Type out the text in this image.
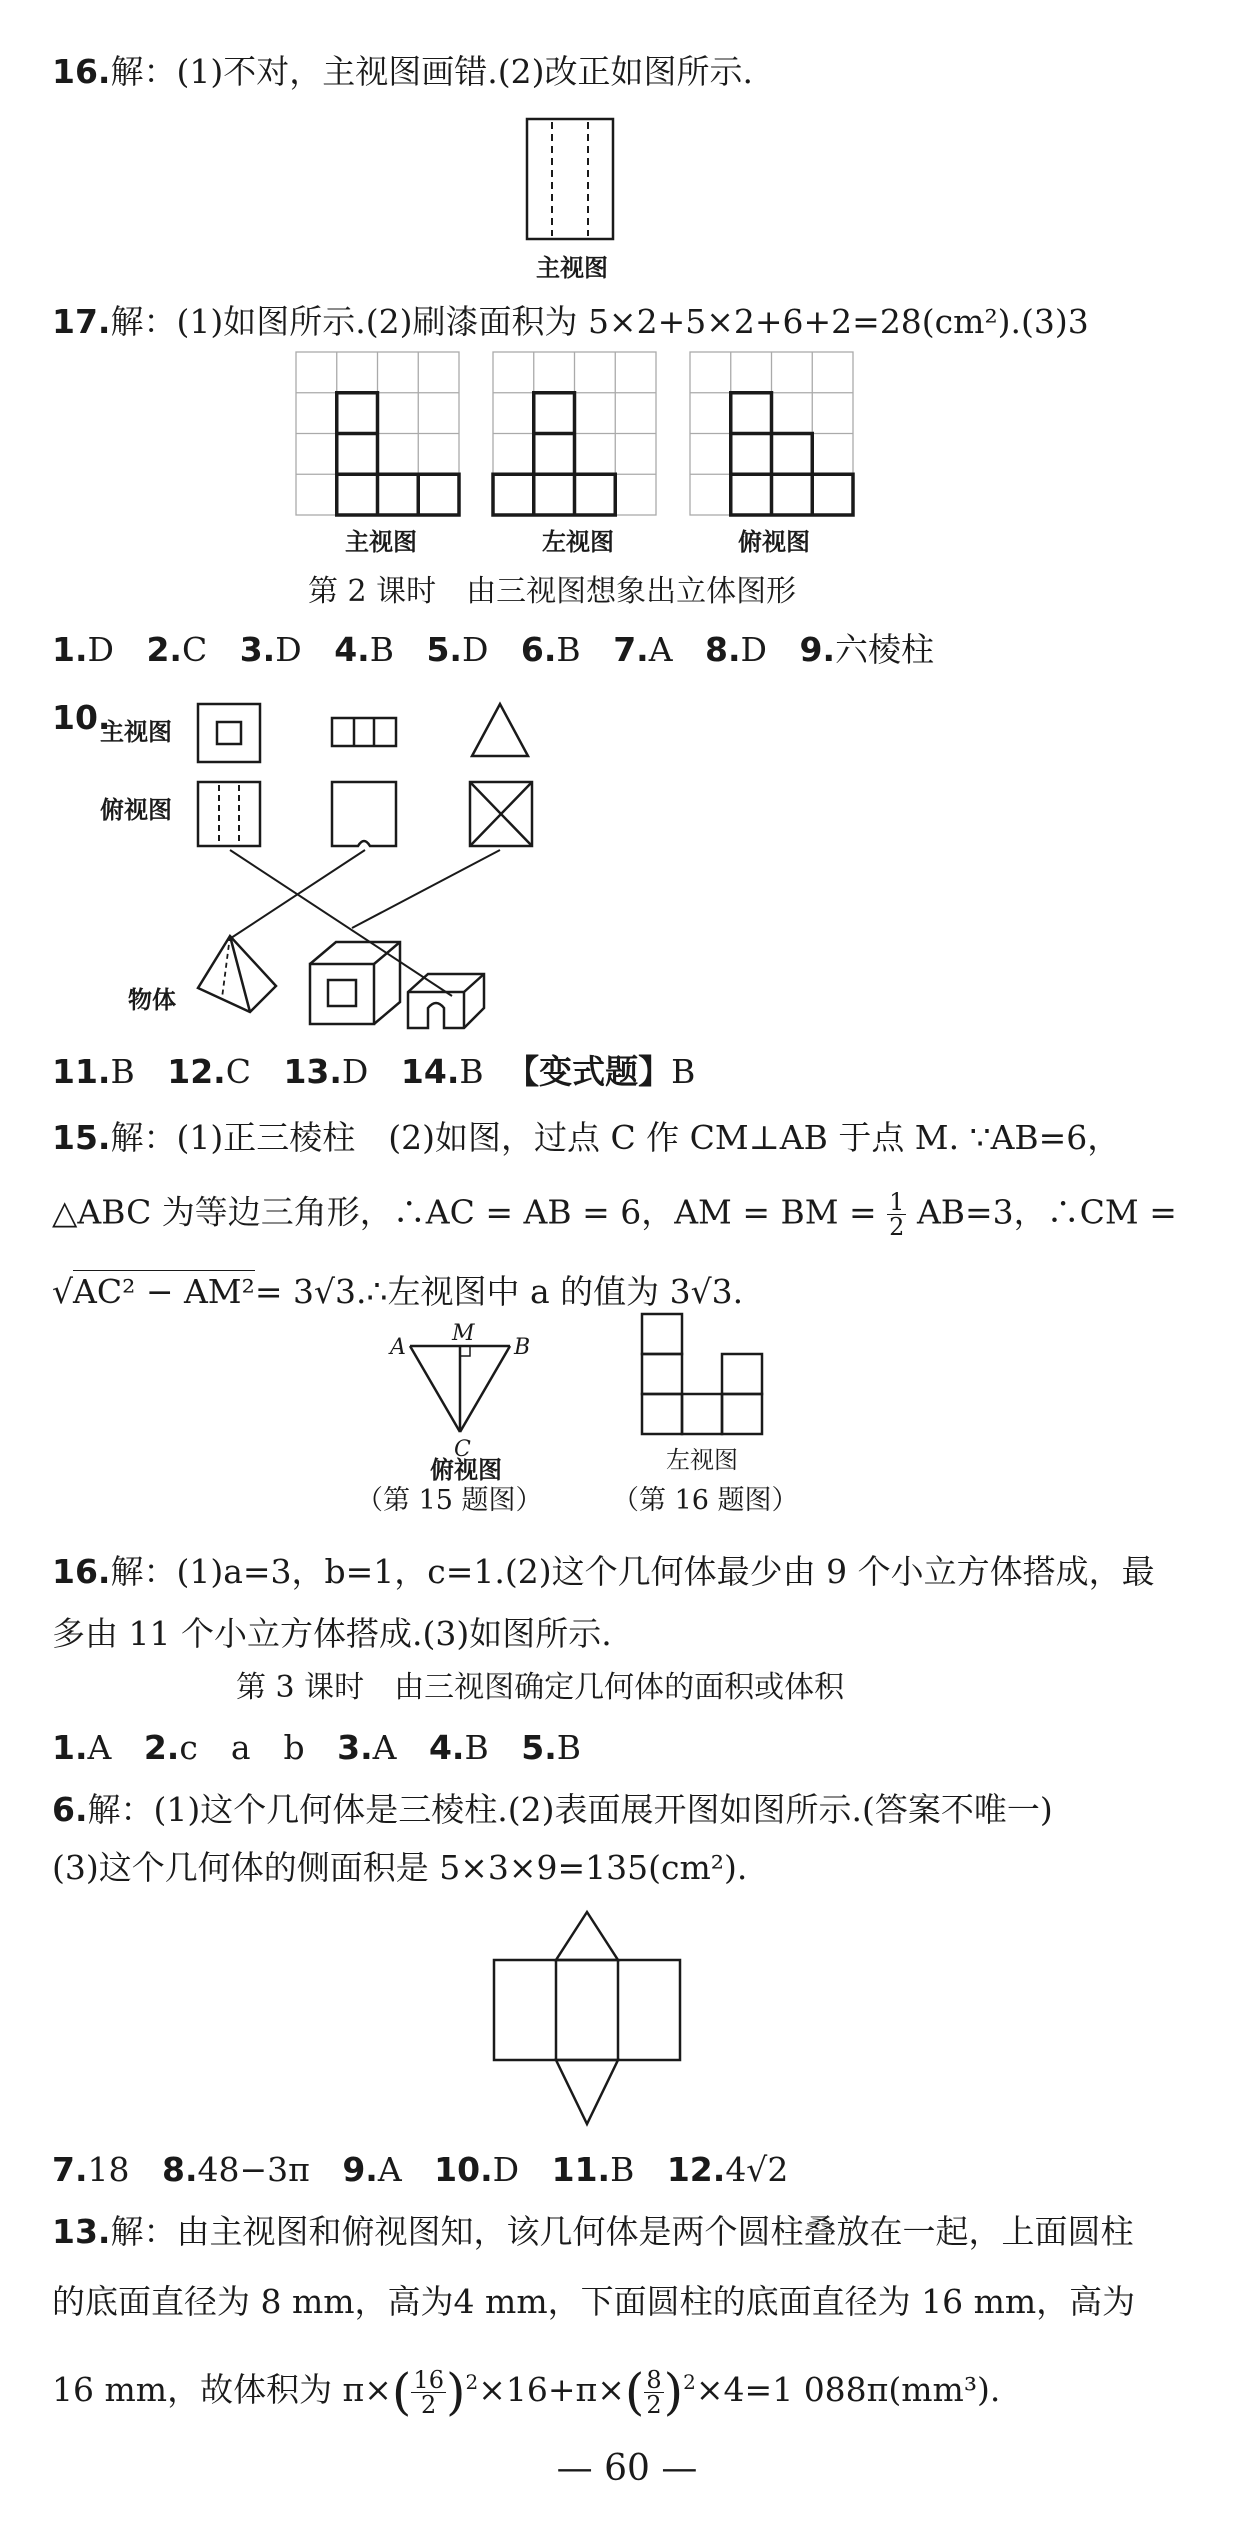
16.解：(1)不对，主视图画错.(2)改正如图所示.
主视图
17.解：(1)如图所示.(2)刷漆面积为 5×2+5×2+6+2=28(cm²).(3)3
主视图	左视图	俯视图
第 2 课时　由三视图想象出立体图形
1.D 2.C 3.D 4.B 5.D 6.B 7.A 8.D 9.六棱柱
10.
主视图
俯视图
物体
11.B 12.C 13.D 14.B 【变式题】B
15.解：(1)正三棱柱　(2)如图，过点 C 作 CM⊥AB 于点 M. ∵AB=6，
△ABC 为等边三角形，∴AC = AB = 6，AM = BM = $\frac{1}{2} AB=3$，∴CM =
√AC² − AM²= 3√3.∴左视图中 a 的值为 3√3.
A
M
B
C
俯视图	左视图
（第 15 题图）	（第 16 题图）
16.解：(1)a=3，b=1，c=1.(2)这个几何体最少由 9 个小立方体搭成，最
多由 11 个小立方体搭成.(3)如图所示.
第 3 课时　由三视图确定几何体的面积或体积
1.A 2.c　a　b 3.A 4.B 5.B
6.解：(1)这个几何体是三棱柱.(2)表面展开图如图所示.(答案不唯一)
(3)这个几何体的侧面积是 5×3×9=135(cm²).
7.18 8.48−3π 9.A 10.D 11.B 12.4√2
13.解：由主视图和俯视图知，该几何体是两个圆柱叠放在一起，上面圆柱
的底面直径为 8 mm，高为4 mm，下面圆柱的底面直径为 16 mm，高为
16 mm，故体积为 $\pi\times( \frac{16}{2} )^2\times 16+\pi\times( \frac{8}{2} )^2\times 4=1$ 088π(mm³).
— 60 —
